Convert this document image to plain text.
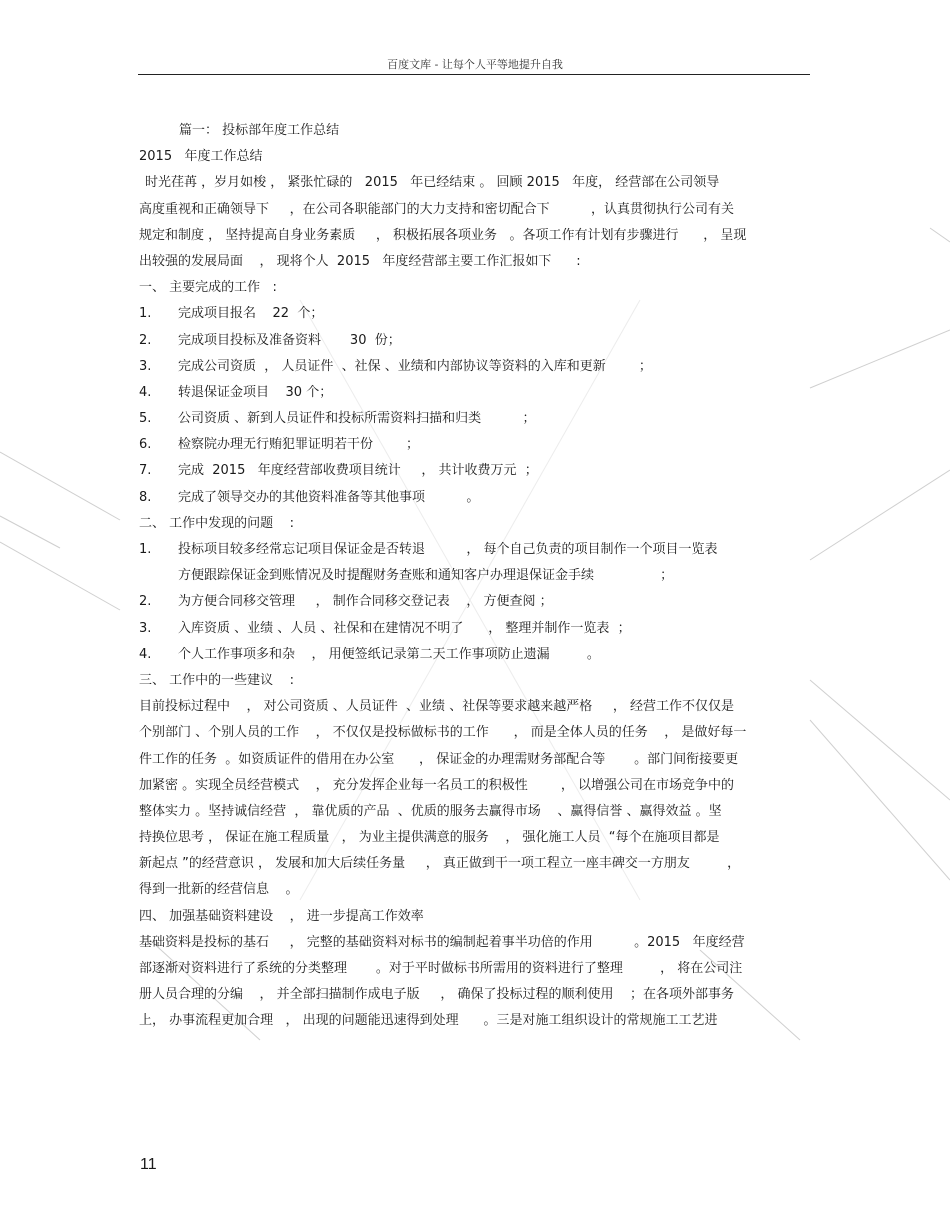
百度文库 - 让每个人平等地提升自我
篇一： 投标部年度工作总结
2015   年度工作总结
时光荏苒 ，岁月如梭 ， 紧张忙碌的   2015   年已经结束 。 回顾 2015   年度， 经营部在公司领导
高度重视和正确领导下     ，在公司各职能部门的大力支持和密切配合下          ，认真贯彻执行公司有关
规定和制度 ， 坚持提高自身业务素质     ， 积极拓展各项业务   。各项工作有计划有步骤进行      ， 呈现
出较强的发展局面    ， 现将个人  2015   年度经营部主要工作汇报如下      :
一、 主要完成的工作   :
1. 完成项目报名    22  个；
2. 完成项目投标及准备资料       30  份；
3. 完成公司资质  ， 人员证件  、社保 、业绩和内部协议等资料的入库和更新        ；
4. 转退保证金项目    30 个；
5. 公司资质 、新到人员证件和投标所需资料扫描和归类          ；
6. 检察院办理无行贿犯罪证明若干份        ；
7. 完成  2015   年度经营部收费项目统计     ， 共计收费万元  ；
8. 完成了领导交办的其他资料准备等其他事项          。
二、 工作中发现的问题    :
1. 投标项目较多经常忘记项目保证金是否转退          ， 每个自己负责的项目制作一个项目一览表
方便跟踪保证金到账情况及时提醒财务查账和通知客户办理退保证金手续                ；
2. 为方便合同移交管理     ， 制作合同移交登记表    ， 方便查阅 ；
3. 入库资质 、业绩 、人员 、社保和在建情况不明了      ， 整理并制作一览表  ；
4. 个人工作事项多和杂    ， 用便签纸记录第二天工作事项防止遗漏         。
三、 工作中的一些建议    :
目前投标过程中    ， 对公司资质 、人员证件  、业绩 、社保等要求越来越严格     ， 经营工作不仅仅是
个别部门 、个别人员的工作    ， 不仅仅是投标做标书的工作      ， 而是全体人员的任务    ， 是做好每一
件工作的任务  。如资质证件的借用在办公室      ， 保证金的办理需财务部配合等       。部门间衔接要更
加紧密 。实现全员经营模式    ， 充分发挥企业每一名员工的积极性        ， 以增强公司在市场竞争中的
整体实力 。坚持诚信经营  ， 靠优质的产品  、优质的服务去赢得市场    、赢得信誉 、赢得效益 。坚
持换位思考 ， 保证在施工程质量   ， 为业主提供满意的服务    ， 强化施工人员  “每个在施项目都是
新起点 ”的经营意识 ， 发展和加大后续任务量     ， 真正做到干一项工程立一座丰碑交一方朋友         ，
得到一批新的经营信息    。
四、 加强基础资料建设    ， 进一步提高工作效率
基础资料是投标的基石     ， 完整的基础资料对标书的编制起着事半功倍的作用          。2015   年度经营
部逐渐对资料进行了系统的分类整理       。对于平时做标书所需用的资料进行了整理         ， 将在公司注
册人员合理的分编    ， 并全部扫描制作成电子版     ， 确保了投标过程的顺利使用    ；在各项外部事务
上， 办事流程更加合理   ， 出现的问题能迅速得到处理      。三是对施工组织设计的常规施工工艺进
11
